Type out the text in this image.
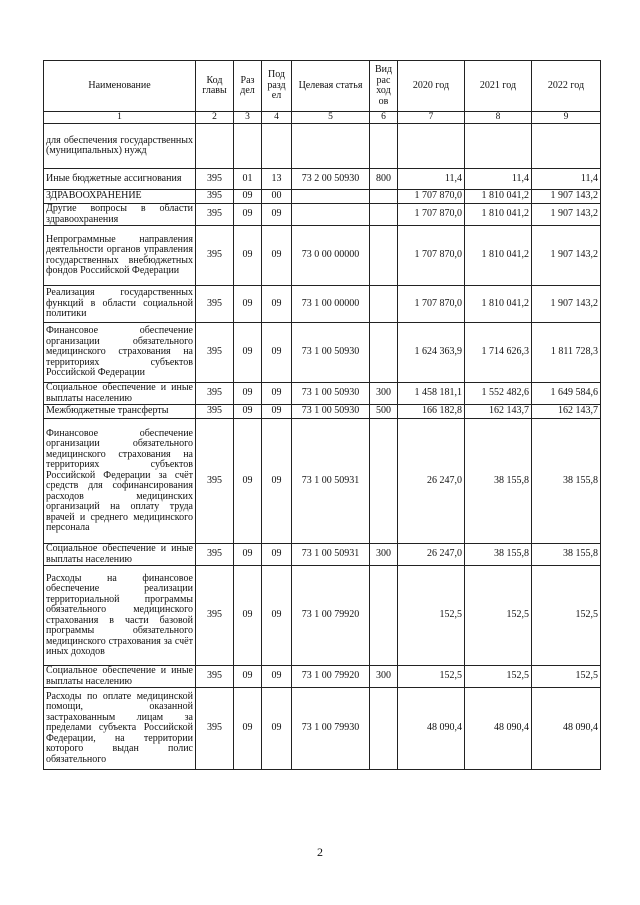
Наименование	Код главы	Раз дел	Под разд ел	Целевая статья	Вид рас ход ов	2020 год	2021 год	2022 год
1	2	3	4	5	6	7	8	9
для обеспечения государственных (муниципальных) нужд								
Иные бюджетные ассигнования	395	01	13	73 2 00 50930	800	11,4	11,4	11,4
ЗДРАВООХРАНЕНИЕ	395	09	00			1 707 870,0	1 810 041,2	1 907 143,2
Другие вопросы в области здравоохранения	395	09	09			1 707 870,0	1 810 041,2	1 907 143,2
Непрограммные направления деятельности органов управления государственных внебюджетных фондов Российской Федерации	395	09	09	73 0 00 00000		1 707 870,0	1 810 041,2	1 907 143,2
Реализация государственных функций в области социальной политики	395	09	09	73 1 00 00000		1 707 870,0	1 810 041,2	1 907 143,2
Финансовое обеспечение организации обязательного медицинского страхования на территориях субъектов Российской Федерации	395	09	09	73 1 00 50930		1 624 363,9	1 714 626,3	1 811 728,3
Социальное обеспечение и иные выплаты населению	395	09	09	73 1 00 50930	300	1 458 181,1	1 552 482,6	1 649 584,6
Межбюджетные трансферты	395	09	09	73 1 00 50930	500	166 182,8	162 143,7	162 143,7
Финансовое обеспечение организации обязательного медицинского страхования на территориях субъектов Российской Федерации за счёт средств для софинансирования расходов медицинских организаций на оплату труда врачей и среднего медицинского персонала	395	09	09	73 1 00 50931		26 247,0	38 155,8	38 155,8
Социальное обеспечение и иные выплаты населению	395	09	09	73 1 00 50931	300	26 247,0	38 155,8	38 155,8
Расходы на финансовое обеспечение реализации территориальной программы обязательного медицинского страхования в части базовой программы обязательного медицинского страхования за счёт иных доходов	395	09	09	73 1 00 79920		152,5	152,5	152,5
Социальное обеспечение и иные выплаты населению	395	09	09	73 1 00 79920	300	152,5	152,5	152,5
Расходы по оплате медицинской помощи, оказанной застрахованным лицам за пределами субъекта Российской Федерации, на территории которого выдан полис обязательного	395	09	09	73 1 00 79930		48 090,4	48 090,4	48 090,4
2
